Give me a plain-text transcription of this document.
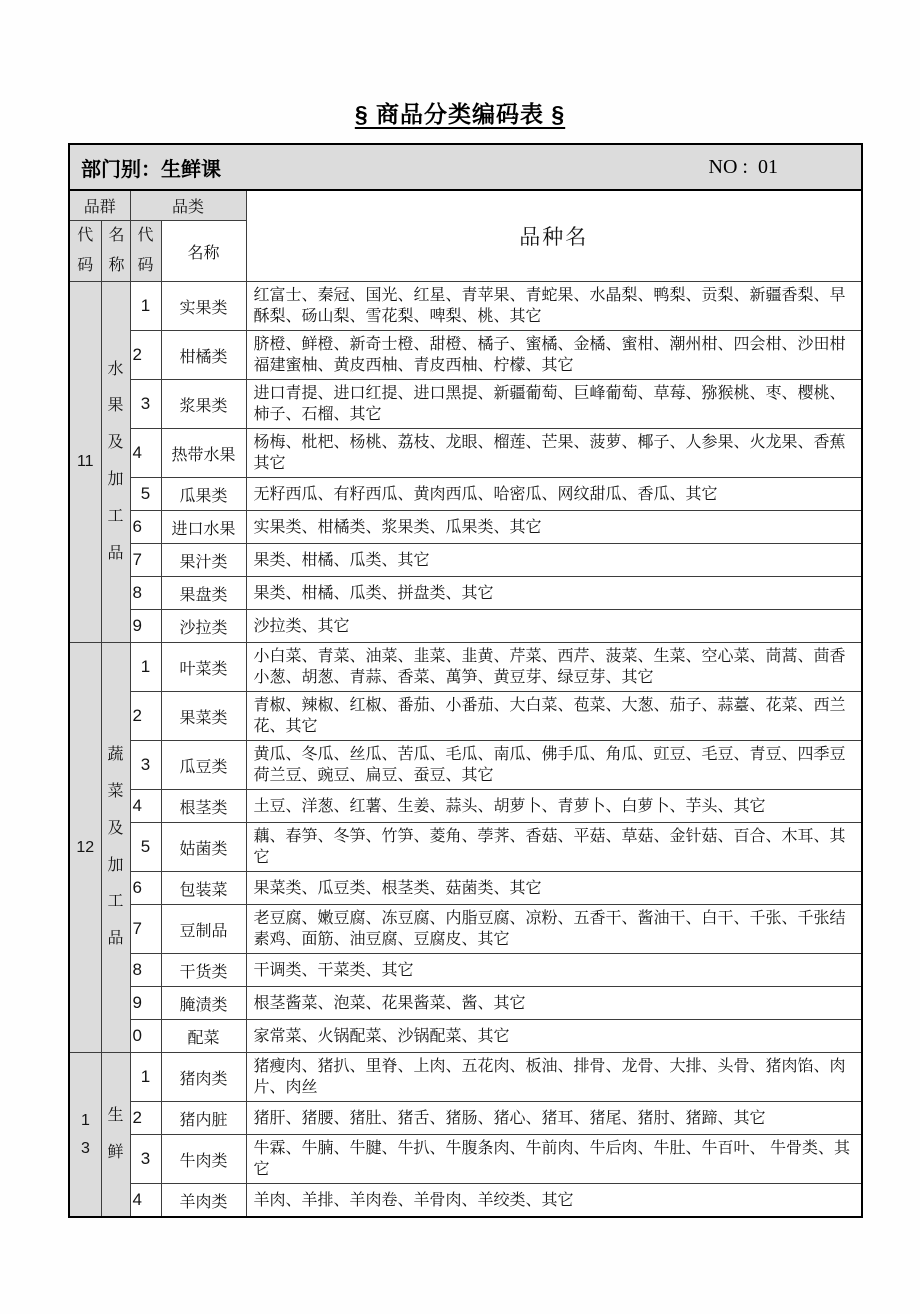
§ 商品分类编码表 §
部门别：生鲜课	NO :  01
品群		品类		品种名
代码	名称	代码	名称	
11	水果及加工品	1	实果类	红富士、秦冠、国光、红星、青苹果、青蛇果、水晶梨、鸭梨、贡梨、新疆香梨、早 酥梨、砀山梨、雪花梨、啤梨、桃、其它
		2	柑橘类	脐橙、鲜橙、新奇士橙、甜橙、橘子、蜜橘、金橘、蜜柑、潮州柑、四会柑、沙田柑 福建蜜柚、黄皮西柚、青皮西柚、柠檬、其它
		3	浆果类	进口青提、进口红提、进口黑提、新疆葡萄、巨峰葡萄、草莓、猕猴桃、枣、樱桃、 柿子、石榴、其它
		4	热带水果	杨梅、枇杷、杨桃、荔枝、龙眼、榴莲、芒果、菠萝、椰子、人参果、火龙果、香蕉 其它
		5	瓜果类	无籽西瓜、有籽西瓜、黄肉西瓜、哈密瓜、网纹甜瓜、香瓜、其它
		6	进口水果	实果类、柑橘类、浆果类、瓜果类、其它
		7	果汁类	果类、柑橘、瓜类、其它
		8	果盘类	果类、柑橘、瓜类、拼盘类、其它
		9	沙拉类	沙拉类、其它
12	蔬菜及加工品	1	叶菜类	小白菜、青菜、油菜、韭菜、韭黄、芹菜、西芹、菠菜、生菜、空心菜、茼蒿、茴香 小葱、胡葱、青蒜、香菜、萬笋、黄豆芽、绿豆芽、其它
		2	果菜类	青椒、辣椒、红椒、番茄、小番茄、大白菜、苞菜、大葱、茄子、蒜薹、花菜、西兰 花、其它
		3	瓜豆类	黄瓜、冬瓜、丝瓜、苦瓜、毛瓜、南瓜、佛手瓜、角瓜、豇豆、毛豆、青豆、四季豆 荷兰豆、豌豆、扁豆、蚕豆、其它
		4	根茎类	土豆、洋葱、红薯、生姜、蒜头、胡萝卜、青萝卜、白萝卜、芋头、其它
		5	姑菌类	藕、春笋、冬笋、竹笋、菱角、荸荠、香菇、平菇、草菇、金针菇、百合、木耳、其 它
		6	包装菜	果菜类、瓜豆类、根茎类、菇菌类、其它
		7	豆制品	老豆腐、嫩豆腐、冻豆腐、内脂豆腐、凉粉、五香干、酱油干、白干、千张、千张结 素鸡、面筋、油豆腐、豆腐皮、其它
		8	干货类	干调类、干菜类、其它
		9	腌渍类	根茎酱菜、泡菜、花果酱菜、酱、其它
		0	配菜	家常菜、火锅配菜、沙锅配菜、其它
13	生鲜	1	猪肉类	猪瘦肉、猪扒、里脊、上肉、五花肉、板油、排骨、龙骨、大排、头骨、猪肉馅、肉 片、肉丝
		2	猪内脏	猪肝、猪腰、猪肚、猪舌、猪肠、猪心、猪耳、猪尾、猪肘、猪蹄、其它
		3	牛肉类	牛霖、牛腩、牛腱、牛扒、牛腹条肉、牛前肉、牛后肉、牛肚、牛百叶、 牛骨类、其它
		4	羊肉类	羊肉、羊排、羊肉卷、羊骨肉、羊绞类、其它
